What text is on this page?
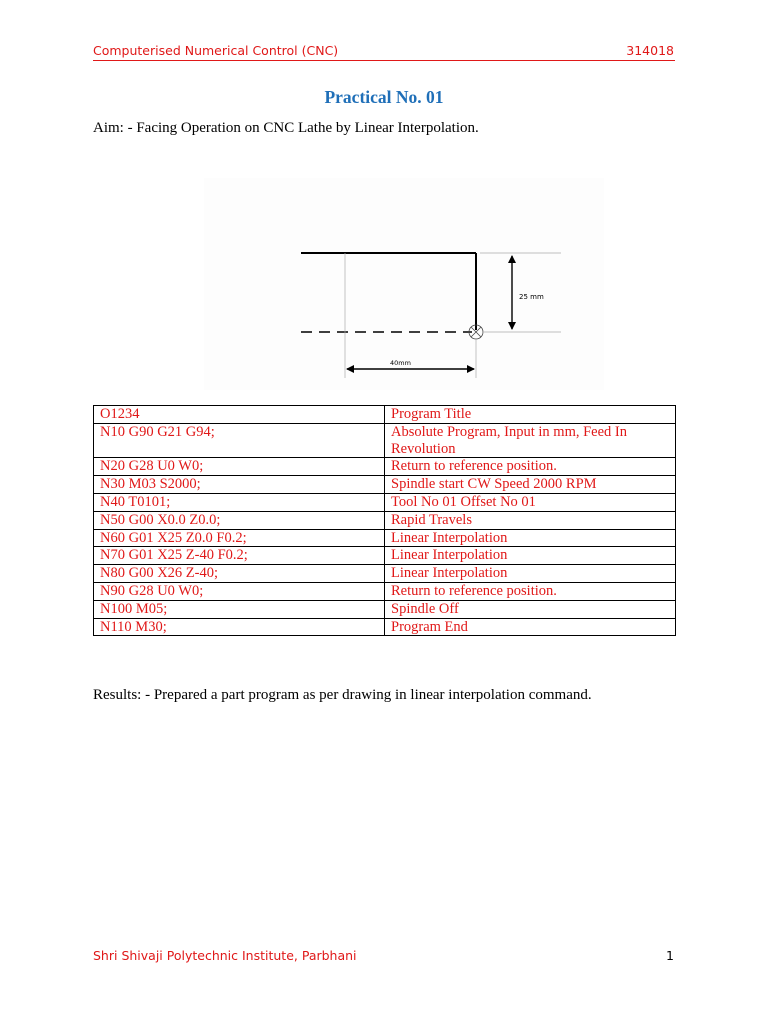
Computerised Numerical Control (CNC)	314018
Practical No. 01
Aim: - Facing Operation on CNC Lathe by Linear Interpolation.
25 mm
40mm
O1234	Program Title
N10 G90 G21 G94;	Absolute Program, Input in mm, Feed In Revolution
N20 G28 U0 W0;	Return to reference position.
N30 M03 S2000;	Spindle start CW Speed 2000 RPM
N40 T0101;	Tool No 01 Offset No 01
N50 G00 X0.0 Z0.0;	Rapid Travels
N60 G01 X25 Z0.0 F0.2;	Linear Interpolation
N70 G01 X25 Z-40 F0.2;	Linear Interpolation
N80 G00 X26 Z-40;	Linear Interpolation
N90 G28 U0 W0;	Return to reference position.
N100 M05;	Spindle Off
N110 M30;	Program End
Results: - Prepared a part program as per drawing in linear interpolation command.
Shri Shivaji Polytechnic Institute, Parbhani	1
